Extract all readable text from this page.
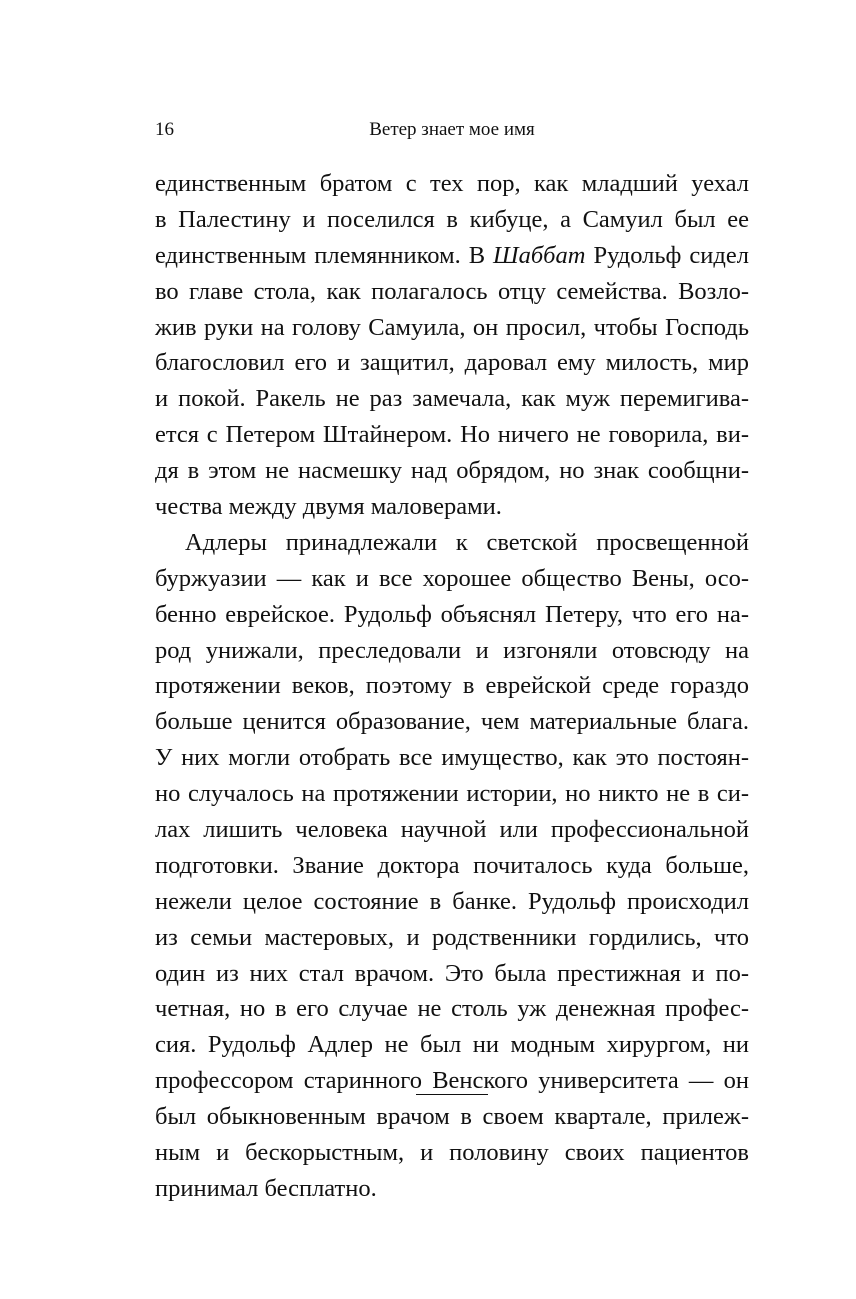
16	Ветер знает мое имя
единственным братом с тех пор, как младший уехал
в Палестину и поселился в кибуце, а Самуил был ее
единственным племянником. В Шаббат Рудольф сидел
во главе стола, как полагалось отцу семейства. Возло-
жив руки на голову Самуила, он просил, чтобы Господь
благословил его и защитил, даровал ему милость, мир
и покой. Ракель не раз замечала, как муж перемигива-
ется с Петером Штайнером. Но ничего не говорила, ви-
дя в этом не насмешку над обрядом, но знак сообщни-
чества между двумя маловерами.
Адлеры принадлежали к светской просвещенной
буржуазии — как и все хорошее общество Вены, осо-
бенно еврейское. Рудольф объяснял Петеру, что его на-
род унижали, преследовали и изгоняли отовсюду на
протяжении веков, поэтому в еврейской среде гораздо
больше ценится образование, чем материальные блага.
У них могли отобрать все имущество, как это постоян-
но случалось на протяжении истории, но никто не в си-
лах лишить человека научной или профессиональной
подготовки. Звание доктора почиталось куда больше,
нежели целое состояние в банке. Рудольф происходил
из семьи мастеровых, и родственники гордились, что
один из них стал врачом. Это была престижная и по-
четная, но в его случае не столь уж денежная профес-
сия. Рудольф Адлер не был ни модным хирургом, ни
профессором старинного Венского университета — он
был обыкновенным врачом в своем квартале, прилеж-
ным и бескорыстным, и половину своих пациентов
принимал бесплатно.
